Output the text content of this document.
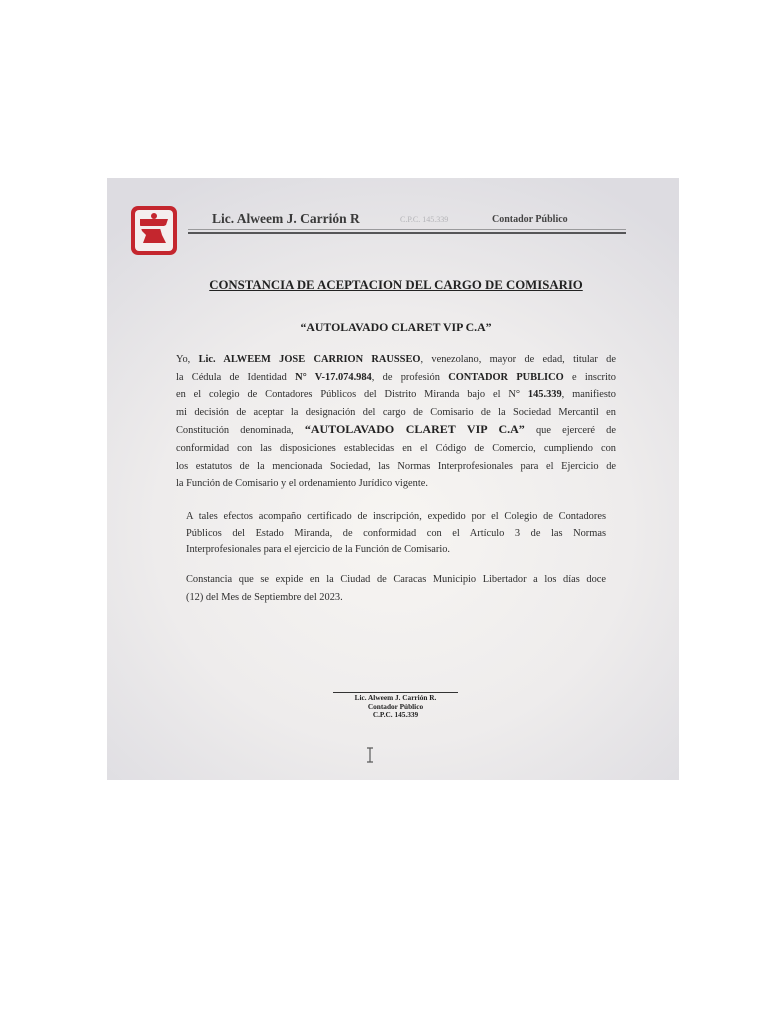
Lic. Alweem J. Carrión R	C.P.C. 145.339	Contador Público
CONSTANCIA DE ACEPTACION DEL CARGO DE COMISARIO
“AUTOLAVADO CLARET VIP C.A”
Yo, Lic. ALWEEM JOSE CARRION RAUSSEO, venezolano, mayor de edad, titular de
la Cédula de Identidad N° V-17.074.984, de profesión CONTADOR PUBLICO e inscrito
en el colegio de Contadores Públicos del Distrito Miranda bajo el N° 145.339, manifiesto
mi decisión de aceptar la designación del cargo de Comisario de la Sociedad Mercantil en
Constitución denominada, “AUTOLAVADO CLARET VIP C.A” que ejerceré de
conformidad con las disposiciones establecidas en el Código de Comercio, cumpliendo con
los estatutos de la mencionada Sociedad, las Normas Interprofesionales para el Ejercicio de
la Función de Comisario y el ordenamiento Jurídico vigente.
A tales efectos acompaño certificado de inscripción, expedido por el Colegio de Contadores
Públicos del Estado Miranda, de conformidad con el Artículo 3 de las Normas
Interprofesionales para el ejercicio de la Función de Comisario.
Constancia que se expide en la Ciudad de Caracas Municipio Libertador a los días doce
(12) del Mes de Septiembre del 2023.
Lic. Alweem J. Carrión R.
Contador Público
C.P.C. 145.339
